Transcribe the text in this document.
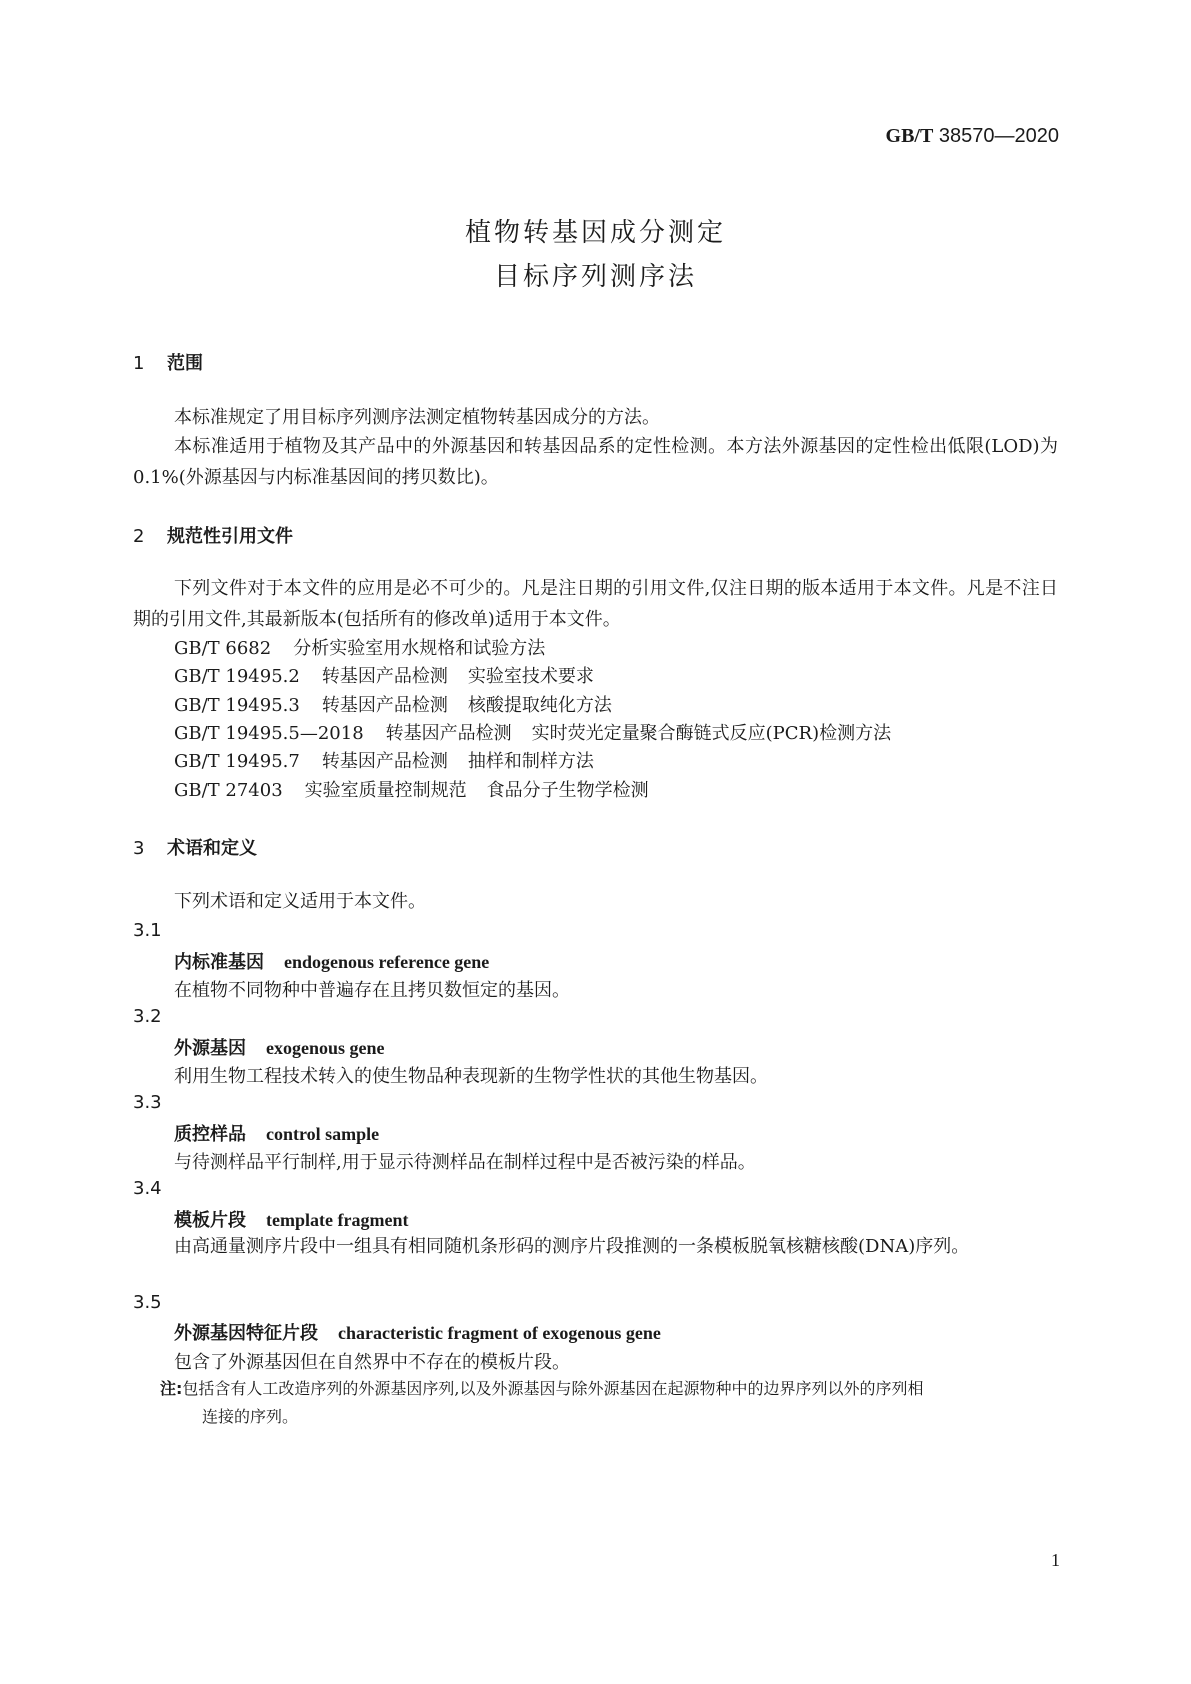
GB/T 38570—2020
植物转基因成分测定
目标序列测序法
1 范围
本标准规定了用目标序列测序法测定植物转基因成分的方法。
本标准适用于植物及其产品中的外源基因和转基因品系的定性检测。本方法外源基因的定性检出低限(LOD)为 0.1%(外源基因与内标准基因间的拷贝数比)。
2 规范性引用文件
下列文件对于本文件的应用是必不可少的。凡是注日期的引用文件,仅注日期的版本适用于本文件。凡是不注日期的引用文件,其最新版本(包括所有的修改单)适用于本文件。
GB/T 6682 分析实验室用水规格和试验方法
GB/T 19495.2 转基因产品检测 实验室技术要求
GB/T 19495.3 转基因产品检测 核酸提取纯化方法
GB/T 19495.5—2018 转基因产品检测 实时荧光定量聚合酶链式反应(PCR)检测方法
GB/T 19495.7 转基因产品检测 抽样和制样方法
GB/T 27403 实验室质量控制规范 食品分子生物学检测
3 术语和定义
下列术语和定义适用于本文件。
3.1
内标准基因 endogenous reference gene
在植物不同物种中普遍存在且拷贝数恒定的基因。
3.2
外源基因 exogenous gene
利用生物工程技术转入的使生物品种表现新的生物学性状的其他生物基因。
3.3
质控样品 control sample
与待测样品平行制样,用于显示待测样品在制样过程中是否被污染的样品。
3.4
模板片段 template fragment
由高通量测序片段中一组具有相同随机条形码的测序片段推测的一条模板脱氧核糖核酸(DNA)序列。
3.5
外源基因特征片段 characteristic fragment of exogenous gene
包含了外源基因但在自然界中不存在的模板片段。
注:包括含有人工改造序列的外源基因序列,以及外源基因与除外源基因在起源物种中的边界序列以外的序列相
连接的序列。
1
